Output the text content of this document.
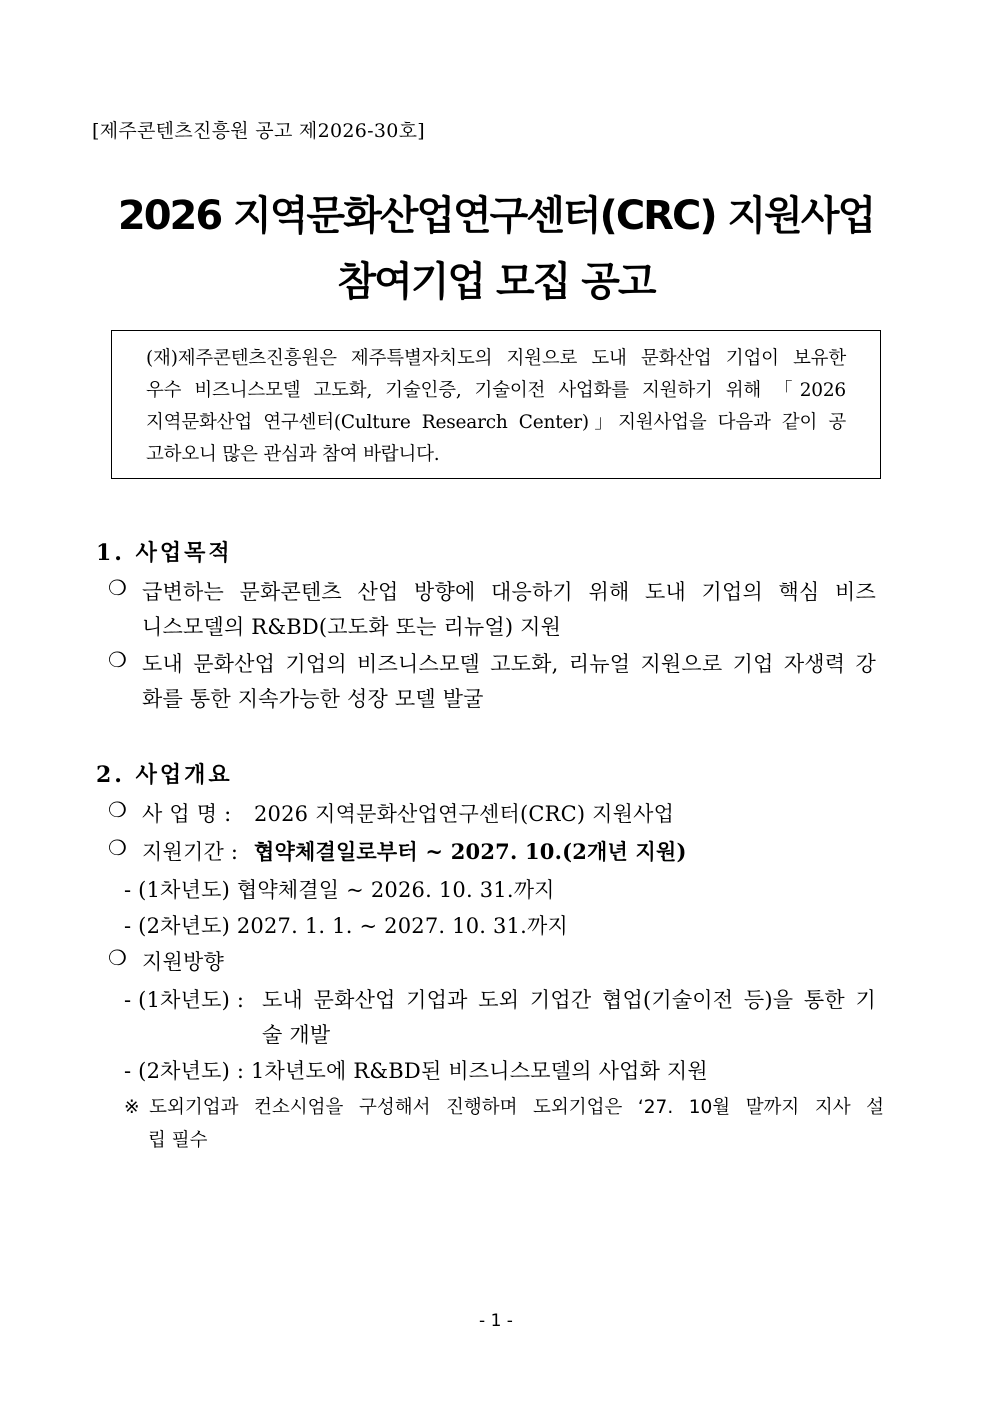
[제주콘텐츠진흥원 공고 제2026-30호]
2026 지역문화산업연구센터(CRC) 지원사업
참여기업 모집 공고
(재)제주콘텐츠진흥원은 제주특별자치도의 지원으로 도내 문화산업 기업이 보유한
우수 비즈니스모델 고도화, 기술인증, 기술이전 사업화를 지원하기 위해 「2026
지역문화산업 연구센터(Culture Research Center)」지원사업을 다음과 같이 공
고하오니 많은 관심과 참여 바랍니다.
1. 사업목적
❍ 급변하는 문화콘텐츠 산업 방향에 대응하기 위해 도내 기업의 핵심 비즈
니스모델의 R&BD(고도화 또는 리뉴얼) 지원
❍ 도내 문화산업 기업의 비즈니스모델 고도화, 리뉴얼 지원으로 기업 자생력 강
화를 통한 지속가능한 성장 모델 발굴
2. 사업개요
❍ 사 업 명 : 2026 지역문화산업연구센터(CRC) 지원사업
❍ 지원기간 : 협약체결일로부터 ~ 2027. 10.(2개년 지원)
- (1차년도) 협약체결일 ~ 2026. 10. 31.까지
- (2차년도) 2027. 1. 1. ~ 2027. 10. 31.까지
❍ 지원방향
- (1차년도) : 도내 문화산업 기업과 도외 기업간 협업(기술이전 등)을 통한 기
술 개발
- (2차년도) : 1차년도에 R&BD된 비즈니스모델의 사업화 지원
※도외기업과 컨소시엄을 구성해서 진행하며 도외기업은 ‘27. 10월 말까지 지사 설
립 필수
- 1 -
